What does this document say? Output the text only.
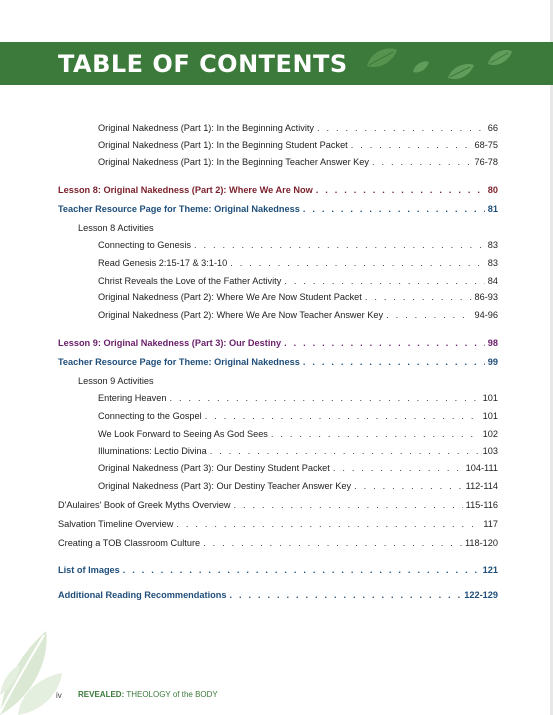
TABLE OF CONTENTS
Original Nakedness (Part 1): In the Beginning Activity . . .	66
Original Nakedness (Part 1): In the Beginning Student Packet . . .	68-75
Original Nakedness (Part 1): In the Beginning Teacher Answer Key . . .	76-78
Lesson 8: Original Nakedness (Part 2): Where We Are Now . . .	80
Teacher Resource Page for Theme: Original Nakedness . . .	81
Lesson 8 Activities
Connecting to Genesis . . .	83
Read Genesis 2:15-17 & 3:1-10 . . .	83
Christ Reveals the Love of the Father Activity . . .	84
Original Nakedness (Part 2): Where We Are Now Student Packet . . .	86-93
Original Nakedness (Part 2): Where We Are Now Teacher Answer Key . . .	94-96
Lesson 9: Original Nakedness (Part 3): Our Destiny . . .	98
Teacher Resource Page for Theme: Original Nakedness . . .	99
Lesson 9 Activities
Entering Heaven . . .	101
Connecting to the Gospel . . .	101
We Look Forward to Seeing As God Sees . . .	102
Illuminations: Lectio Divina . . .	103
Original Nakedness (Part 3): Our Destiny Student Packet . . .	104-111
Original Nakedness (Part 3): Our Destiny Teacher Answer Key . . .	112-114
D'Aulaires' Book of Greek Myths Overview . . .	115-116
Salvation Timeline Overview . . .	117
Creating a TOB Classroom Culture . . .	118-120
List of Images . . .	121
Additional Reading Recommendations . . .	122-129
iv REVEALED: THEOLOGY of the BODY
